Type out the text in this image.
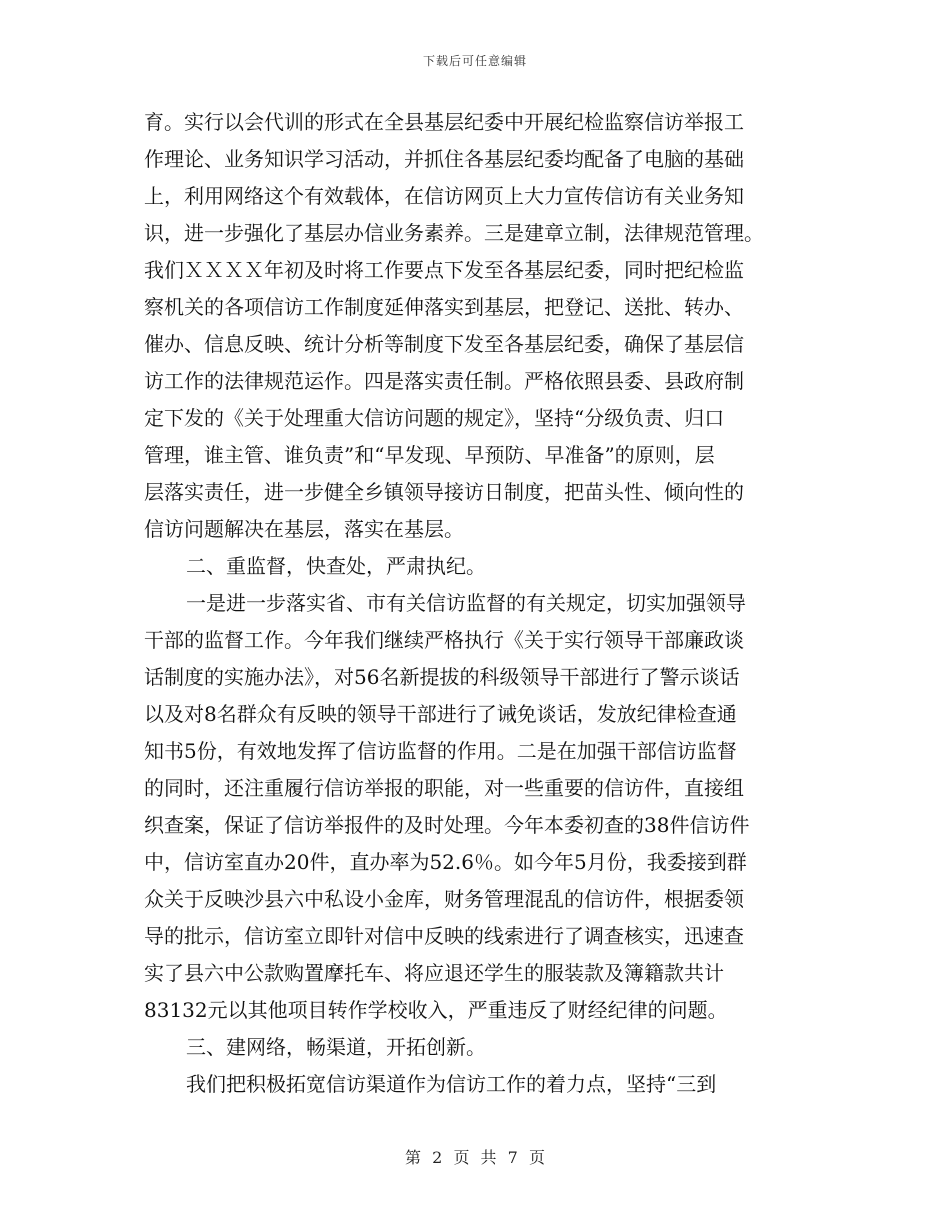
下载后可任意编辑

育。实行以会代训的形式在全县基层纪委中开展纪检监察信访举报工

作理论、业务知识学习活动，并抓住各基层纪委均配备了电脑的基础

上，利用网络这个有效载体，在信访网页上大力宣传信访有关业务知

识，进一步强化了基层办信业务素养。三是建章立制，法律规范管理。

我们ＸＸＸＸ年初及时将工作要点下发至各基层纪委，同时把纪检监

察机关的各项信访工作制度延伸落实到基层，把登记、送批、转办、

催办、信息反映、统计分析等制度下发至各基层纪委，确保了基层信

访工作的法律规范运作。四是落实责任制。严格依照县委、县政府制

定下发的《关于处理重大信访问题的规定》，坚持“分级负责、归口

管理，谁主管、谁负责”和“早发现、早预防、早准备”的原则，层

层落实责任，进一步健全乡镇领导接访日制度，把苗头性、倾向性的

信访问题解决在基层，落实在基层。

二、重监督，快查处，严肃执纪。

一是进一步落实省、市有关信访监督的有关规定，切实加强领导

干部的监督工作。今年我们继续严格执行《关于实行领导干部廉政谈

话制度的实施办法》，对56名新提拔的科级领导干部进行了警示谈话

以及对8名群众有反映的领导干部进行了诫免谈话，发放纪律检查通

知书5份，有效地发挥了信访监督的作用。二是在加强干部信访监督

的同时，还注重履行信访举报的职能，对一些重要的信访件，直接组

织查案，保证了信访举报件的及时处理。今年本委初查的38件信访件

中，信访室直办20件，直办率为52.6％。如今年5月份，我委接到群

众关于反映沙县六中私设小金库，财务管理混乱的信访件，根据委领

导的批示，信访室立即针对信中反映的线索进行了调查核实，迅速查

实了县六中公款购置摩托车、将应退还学生的服装款及簿籍款共计

83132元以其他项目转作学校收入，严重违反了财经纪律的问题。

三、建网络，畅渠道，开拓创新。

我们把积极拓宽信访渠道作为信访工作的着力点，坚持“三到

第 2 页 共 7 页
